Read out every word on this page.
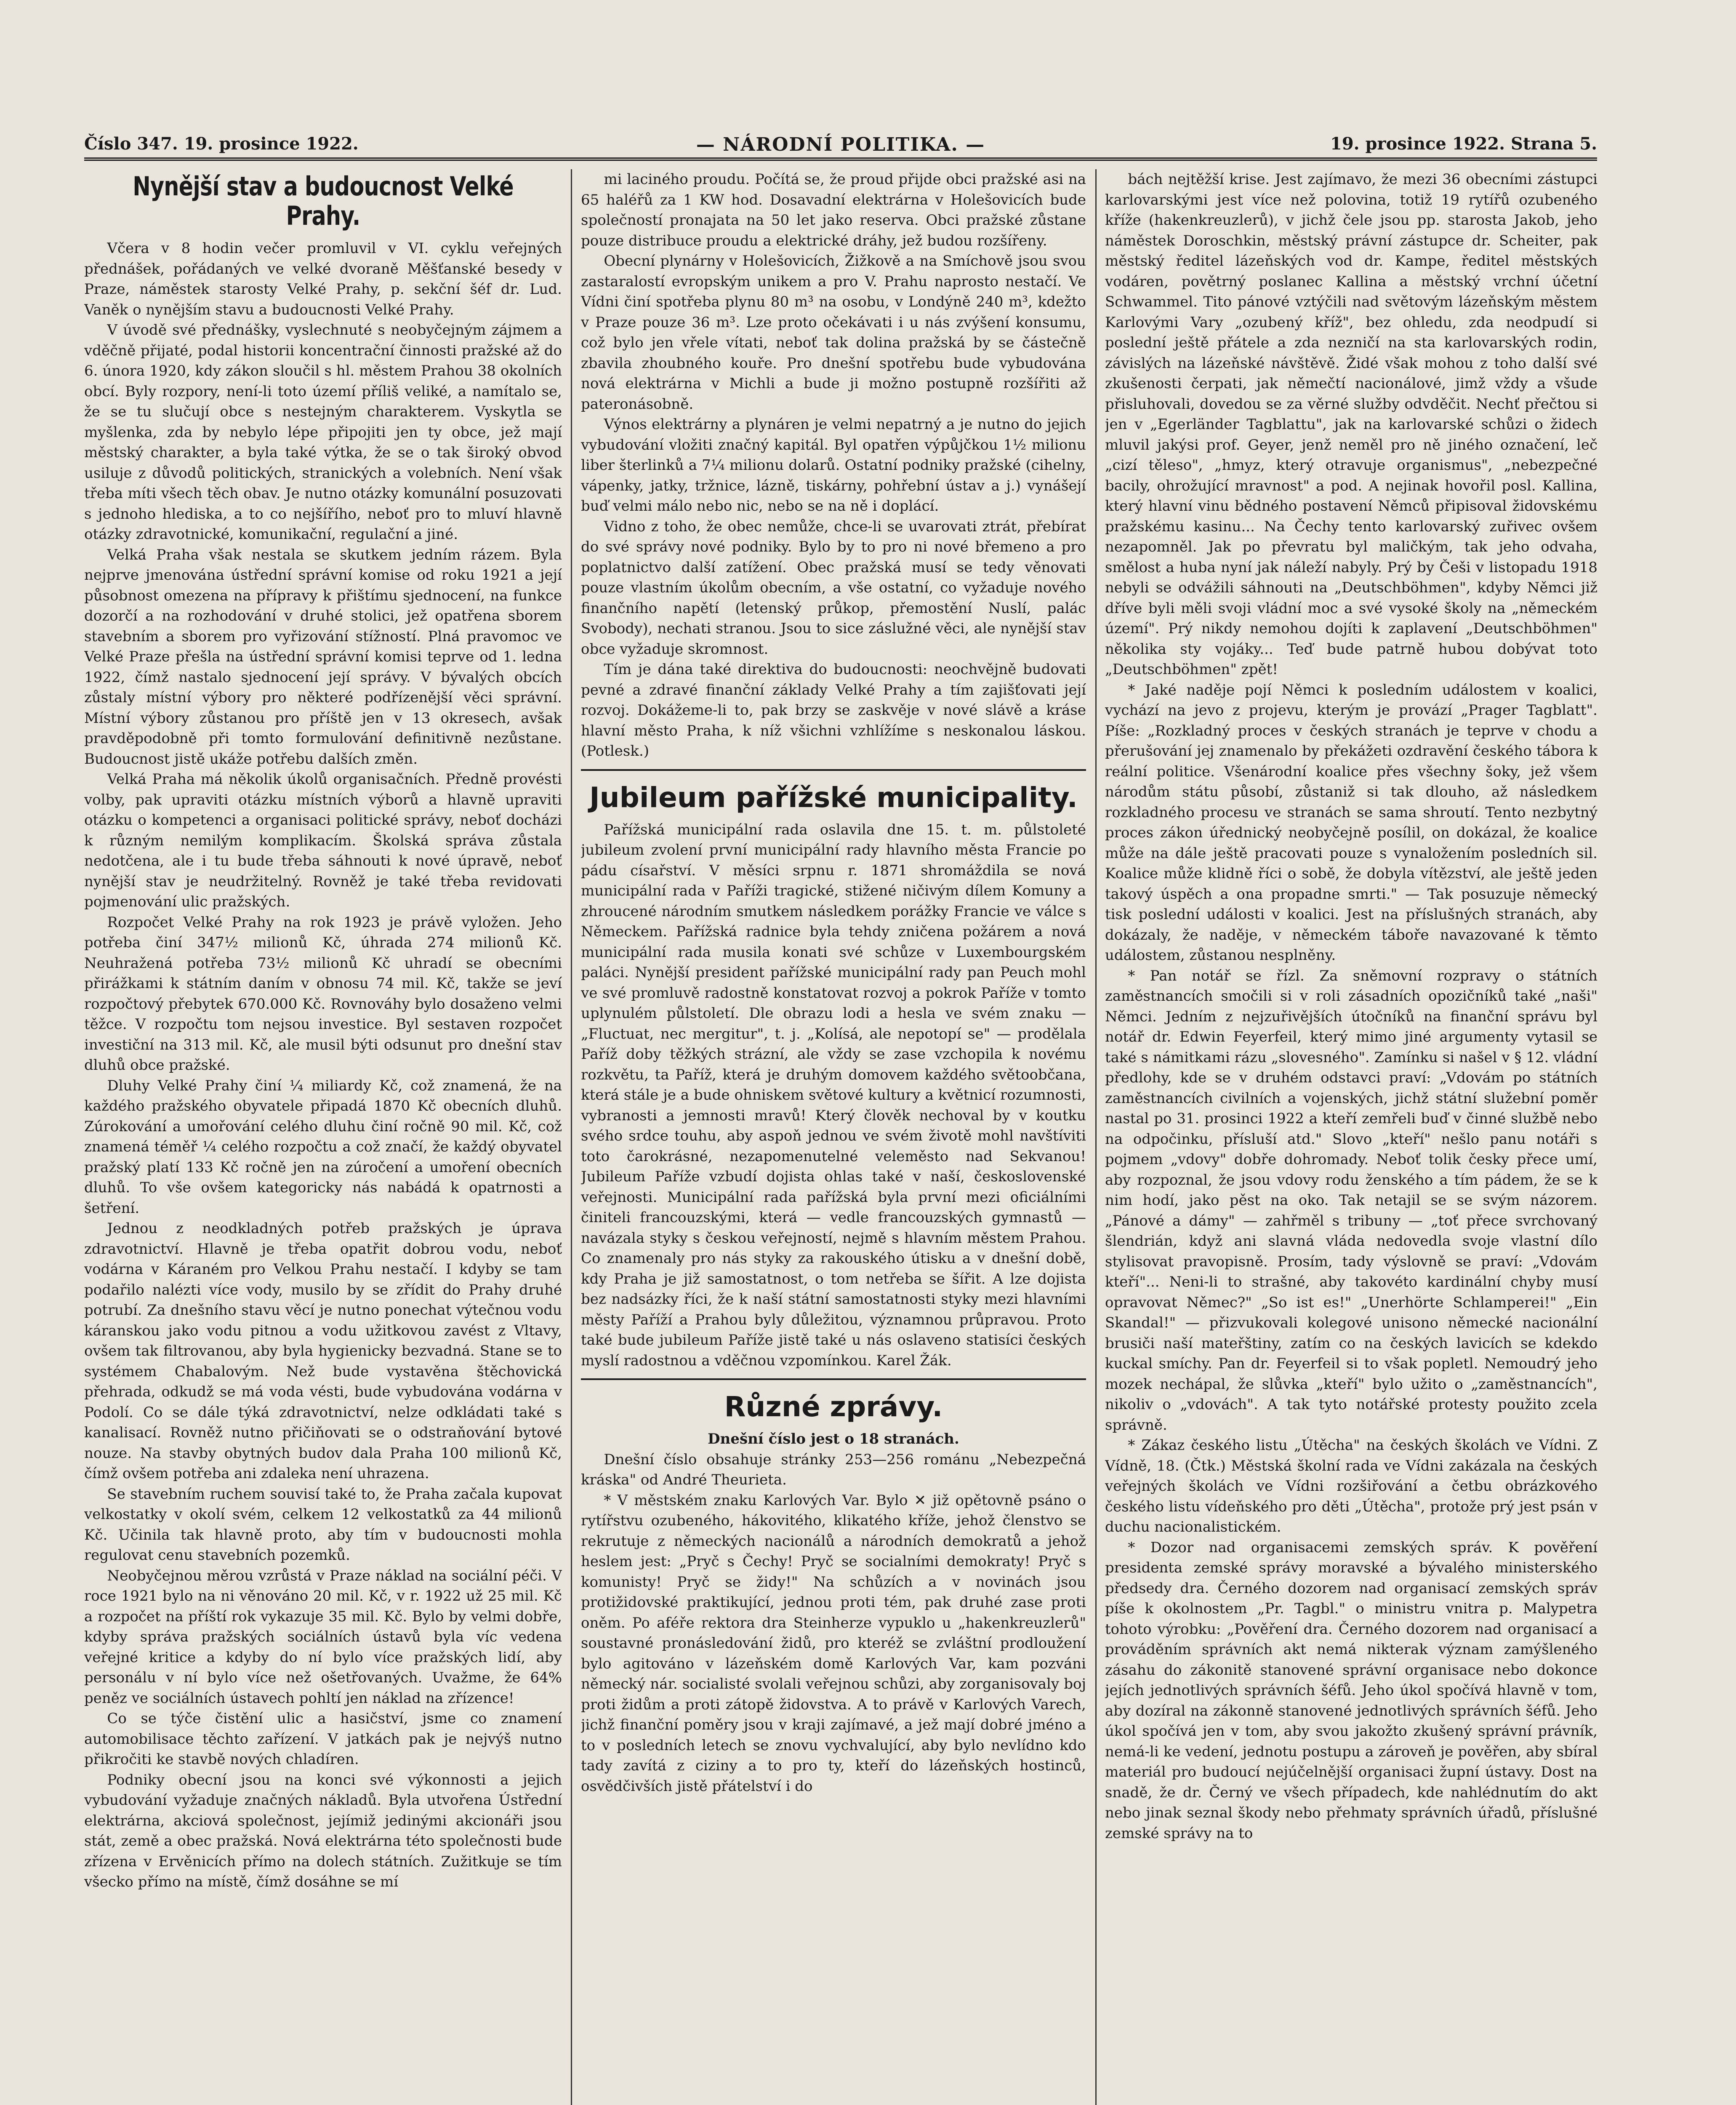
Číslo 347. 19. prosince 1922.	— NÁRODNÍ POLITIKA. —	19. prosince 1922. Strana 5.
Nynější stav a budoucnost Velké Prahy.

Včera v 8 hodin večer promluvil v VI. cyklu veřejných přednášek, pořádaných ve velké dvoraně Měšťanské besedy v Praze, náměstek starosty Velké Prahy, p. sekční šéf dr. Lud. Vaněk o nynějším stavu a budoucnosti Velké Prahy.

V úvodě své přednášky, vyslechnuté s neobyčejným zájmem a vděčně přijaté, podal historii koncentrační činnosti pražské až do 6. února 1920, kdy zákon sloučil s hl. městem Prahou 38 okolních obcí. Byly rozpory, není-li toto území příliš veliké, a namítalo se, že se tu slučují obce s nestejným charakterem. Vyskytla se myšlenka, zda by nebylo lépe připojiti jen ty obce, jež mají městský charakter, a byla také výtka, že se o tak široký obvod usiluje z důvodů politických, stranických a volebních. Není však třeba míti všech těch obav. Je nutno otázky komunální posuzovati s jednoho hlediska, a to co nejšířího, neboť pro to mluví hlavně otázky zdravotnické, komunikační, regulační a jiné.

Velká Praha však nestala se skutkem jedním rázem. Byla nejprve jmenována ústřední správní komise od roku 1921 a její působnost omezena na přípravy k přištímu sjednocení, na funkce dozorčí a na rozhodování v druhé stolici, jež opatřena sborem stavebním a sborem pro vyřizování stížností. Plná pravomoc ve Velké Praze přešla na ústřední správní komisi teprve od 1. ledna 1922, čímž nastalo sjednocení její správy. V bývalých obcích zůstaly místní výbory pro některé podřízenější věci správní. Místní výbory zůstanou pro příště jen v 13 okresech, avšak pravděpodobně při tomto formulování definitivně nezůstane. Budoucnost jistě ukáže potřebu dalších změn.

Velká Praha má několik úkolů organisačních. Předně provésti volby, pak upraviti otázku místních výborů a hlavně upraviti otázku o kompetenci a organisaci politické správy, neboť docházi k různým nemilým komplikacím. Školská správa zůstala nedotčena, ale i tu bude třeba sáhnouti k nové úpravě, neboť nynější stav je neudržitelný. Rovněž je také třeba revidovati pojmenování ulic pražských.

Rozpočet Velké Prahy na rok 1923 je právě vyložen. Jeho potřeba činí 347½ milionů Kč, úhrada 274 milionů Kč. Neuhražená potřeba 73½ milionů Kč uhradí se obecními přirážkami k státním daním v obnosu 74 mil. Kč, takže se jeví rozpočtový přebytek 670.000 Kč. Rovnováhy bylo dosaženo velmi těžce. V rozpočtu tom nejsou investice. Byl sestaven rozpočet investiční na 313 mil. Kč, ale musil býti odsunut pro dnešní stav dluhů obce pražské.

Dluhy Velké Prahy činí ¼ miliardy Kč, což znamená, že na každého pražského obyvatele připadá 1870 Kč obecních dluhů. Zúrokování a umořování celého dluhu činí ročně 90 mil. Kč, což znamená téměř ¼ celého rozpočtu a což značí, že každý obyvatel pražský platí 133 Kč ročně jen na zúročení a umoření obecních dluhů. To vše ovšem kategoricky nás nabádá k opatrnosti a šetření.

Jednou z neodkladných potřeb pražských je úprava zdravotnictví. Hlavně je třeba opatřit dobrou vodu, neboť vodárna v Káraném pro Velkou Prahu nestačí. I kdyby se tam podařilo nalézti více vody, musilo by se zřídit do Prahy druhé potrubí. Za dnešního stavu věcí je nutno ponechat výtečnou vodu káranskou jako vodu pitnou a vodu užitkovou zavést z Vltavy, ovšem tak filtrovanou, aby byla hygienicky bezvadná. Stane se to systémem Chabalovým. Než bude vystavěna štěchovická přehrada, odkudž se má voda vésti, bude vybudována vodárna v Podolí. Co se dále týká zdravotnictví, nelze odkládati také s kanalisací. Rovněž nutno přičiňovati se o odstraňování bytové nouze. Na stavby obytných budov dala Praha 100 milionů Kč, čímž ovšem potřeba ani zdaleka není uhrazena.

Se stavebním ruchem souvisí také to, že Praha začala kupovat velkostatky v okolí svém, celkem 12 velkostatků za 44 milionů Kč. Učinila tak hlavně proto, aby tím v budoucnosti mohla regulovat cenu stavebních pozemků.

Neobyčejnou měrou vzrůstá v Praze náklad na sociální péči. V roce 1921 bylo na ni věnováno 20 mil. Kč, v r. 1922 už 25 mil. Kč a rozpočet na příští rok vykazuje 35 mil. Kč. Bylo by velmi dobře, kdyby správa pražských sociálních ústavů byla víc vedena veřejné kritice a kdyby do ní bylo více pražských lidí, aby personálu v ní bylo více než ošetřovaných. Uvažme, že 64% peněz ve sociálních ústavech pohltí jen náklad na zřízence!

Co se týče čistění ulic a hasičství, jsme co znamení automobilisace těchto zařízení. V jatkách pak je nejvýš nutno přikročiti ke stavbě nových chladíren.

Podniky obecní jsou na konci své výkonnosti a jejich vybudování vyžaduje značných nákladů. Byla utvořena Ústřední elektrárna, akciová společnost, jejímiž jedinými akcionáři jsou stát, země a obec pražská. Nová elektrárna této společnosti bude zřízena v Ervěnicích přímo na dolech státních. Zužitkuje se tím všecko přímo na místě, čímž dosáhne se mí

mi laciného proudu. Počítá se, že proud přijde obci pražské asi na 65 haléřů za 1 KW hod. Dosavadní elektrárna v Holešovicích bude společností pronajata na 50 let jako reserva. Obci pražské zůstane pouze distribuce proudu a elektrické dráhy, jež budou rozšířeny.

Obecní plynárny v Holešovicích, Žižkově a na Smíchově jsou svou zastaralostí evropským unikem a pro V. Prahu naprosto nestačí. Ve Vídni činí spotřeba plynu 80 m³ na osobu, v Londýně 240 m³, kdežto v Praze pouze 36 m³. Lze proto očekávati i u nás zvýšení konsumu, což bylo jen vřele vítati, neboť tak dolina pražská by se částečně zbavila zhoubného kouře. Pro dnešní spotřebu bude vybudována nová elektrárna v Michli a bude ji možno postupně rozšířiti až pateronásobně.

Výnos elektrárny a plynáren je velmi nepatrný a je nutno do jejich vybudování vložiti značný kapitál. Byl opatřen výpůjčkou 1½ milionu liber šterlinků a 7¼ milionu dolarů. Ostatní podniky pražské (cihelny, vápenky, jatky, tržnice, lázně, tiskárny, pohřební ústav a j.) vynášejí buď velmi málo nebo nic, nebo se na ně i doplácí.

Vidno z toho, že obec nemůže, chce-li se uvarovati ztrát, přebírat do své správy nové podniky. Bylo by to pro ni nové břemeno a pro poplatnictvo další zatížení. Obec pražská musí se tedy věnovati pouze vlastním úkolům obecním, a vše ostatní, co vyžaduje nového finančního napětí (letenský průkop, přemostění Nuslí, palác Svobody), nechati stranou. Jsou to sice záslužné věci, ale nynější stav obce vyžaduje skromnost.

Tím je dána také direktiva do budoucnosti: neochvějně budovati pevné a zdravé finanční základy Velké Prahy a tím zajišťovati její rozvoj. Dokážeme-li to, pak brzy se zaskvěje v nové slávě a kráse hlavní město Praha, k níž všichni vzhlížíme s neskonalou láskou. (Potlesk.)

Jubileum pařížské municipality.

Pařížská municipální rada oslavila dne 15. t. m. půlstoleté jubileum zvolení první municipální rady hlavního města Francie po pádu císařství. V měsíci srpnu r. 1871 shromáždila se nová municipální rada v Paříži tragické, stižené ničivým dílem Komuny a zhroucené národním smutkem následkem porážky Francie ve válce s Německem. Pařížská radnice byla tehdy zničena požárem a nová municipální rada musila konati své schůze v Luxembourgském paláci. Nynější president pařížské municipální rady pan Peuch mohl ve své promluvě radostně konstatovat rozvoj a pokrok Paříže v tomto uplynulém půlstoletí. Dle obrazu lodi a hesla ve svém znaku — „Fluctuat, nec mergitur", t. j. „Kolísá, ale nepotopí se" — prodělala Paříž doby těžkých strázní, ale vždy se zase vzchopila k novému rozkvětu, ta Paříž, která je druhým domovem každého světoobčana, která stále je a bude ohniskem světové kultury a květnicí rozumnosti, vybranosti a jemnosti mravů! Který člověk nechoval by v koutku svého srdce touhu, aby aspoň jednou ve svém životě mohl navštíviti toto čarokrásné, nezapomenutelné veleměsto nad Sekvanou! Jubileum Paříže vzbudí dojista ohlas také v naší, československé veřejnosti. Municipální rada pařížská byla první mezi oficiálními činiteli francouzskými, která — vedle francouzských gymnastů — navázala styky s českou veřejností, nejmě s hlavním městem Prahou. Co znamenaly pro nás styky za rakouského útisku a v dnešní době, kdy Praha je již samostatnost, o tom netřeba se šířit. A lze dojista bez nadsázky říci, že k naší státní samostatnosti styky mezi hlavními městy Paříží a Prahou byly důležitou, významnou průpravou. Proto také bude jubileum Paříže jistě také u nás oslaveno statisíci českých myslí radostnou a vděčnou vzpomínkou. Karel Žák.

Různé zprávy.

Dnešní číslo jest o 18 stranách.

Dnešní číslo obsahuje stránky 253—256 románu „Nebezpečná kráska" od André Theurieta.

* V městském znaku Karlových Var. Bylo ✕ již opětovně psáno o rytířstvu ozubeného, hákovitého, klikatého kříže, jehož členstvo se rekrutuje z německých nacionálů a národních demokratů a jehož heslem jest: „Pryč s Čechy! Pryč se socialními demokraty! Pryč s komunisty! Pryč se židy!" Na schůzích a v novinách jsou protižidovské praktikující, jednou proti tém, pak druhé zase proti oněm. Po aféře rektora dra Steinherze vypuklo u „hakenkreuzlerů" soustavné pronásledování židů, pro kteréž se zvláštní prodloužení bylo agitováno v lázeňském domě Karlových Var, kam pozváni německý nár. socialisté svolali veřejnou schůzi, aby zorganisovaly boj proti židům a proti zátopě židovstva. A to právě v Karlových Varech, jichž finanční poměry jsou v kraji zajímavé, a jež mají dobré jméno a to v posledních letech se znovu vychvalující, aby bylo nevlídno kdo tady zavítá z ciziny a to pro ty, kteří do lázeňských hostinců, osvědčivších jistě přátelství i do

bách nejtěžší krise. Jest zajímavo, že mezi 36 obecními zástupci karlovarskými jest více než polovina, totiž 19 rytířů ozubeného kříže (hakenkreuzlerů), v jichž čele jsou pp. starosta Jakob, jeho náměstek Doroschkin, městský právní zástupce dr. Scheiter, pak městský ředitel lázeňských vod dr. Kampe, ředitel městských vodáren, povětrný poslanec Kallina a městský vrchní účetní Schwammel. Tito pánové vztýčili nad světovým lázeňským městem Karlovými Vary „ozubený kříž", bez ohledu, zda neodpudí si poslední ještě přátele a zda nezničí na sta karlovarských rodin, závislých na lázeňské návštěvě. Židé však mohou z toho další své zkušenosti čerpati, jak němečtí nacionálové, jimž vždy a všude přisluhovali, dovedou se za věrné služby odvděčit. Nechť přečtou si jen v „Egerländer Tagblattu", jak na karlovarské schůzi o židech mluvil jakýsi prof. Geyer, jenž neměl pro ně jiného označení, leč „cizí těleso", „hmyz, který otravuje organismus", „nebezpečné bacily, ohrožující mravnost" a pod. A nejinak hovořil posl. Kallina, který hlavní vinu bědného postavení Němců připisoval židovskému pražskému kasinu... Na Čechy tento karlovarský zuřivec ovšem nezapomněl. Jak po převratu byl maličkým, tak jeho odvaha, smělost a huba nyní jak náleží nabyly. Prý by Češi v listopadu 1918 nebyli se odvážili sáhnouti na „Deutschböhmen", kdyby Němci již dříve byli měli svoji vládní moc a své vysoké školy na „německém území". Prý nikdy nemohou dojíti k zaplavení „Deutschböhmen" několika sty vojáky... Teď bude patrně hubou dobývat toto „Deutschböhmen" zpět!

* Jaké naděje pojí Němci k posledním událostem v koalici, vychází na jevo z projevu, kterým je provází „Prager Tagblatt". Píše: „Rozkladný proces v českých stranách je teprve v chodu a přerušování jej znamenalo by překážeti ozdravění českého tábora k reální politice. Všenárodní koalice přes všechny šoky, jež všem národům státu působí, zůstaniž si tak dlouho, až následkem rozkladného procesu ve stranách se sama shroutí. Tento nezbytný proces zákon úřednický neobyčejně posílil, on dokázal, že koalice může na dále ještě pracovati pouze s vynaložením posledních sil. Koalice může klidně říci o sobě, že dobyla vítězství, ale ještě jeden takový úspěch a ona propadne smrti." — Tak posuzuje německý tisk poslední události v koalici. Jest na příslušných stranách, aby dokázaly, že naděje, v německém táboře navazované k těmto událostem, zůstanou nesplněny.

* Pan notář se řízl. Za sněmovní rozpravy o státních zaměstnancích smočili si v roli zásadních opozičníků také „naši" Němci. Jedním z nejzuřivějších útočníků na finanční správu byl notář dr. Edwin Feyerfeil, který mimo jiné argumenty vytasil se také s námitkami rázu „slovesného". Zamínku si našel v § 12. vládní předlohy, kde se v druhém odstavci praví: „Vdovám po státních zaměstnancích civilních a vojenských, jichž státní služební poměr nastal po 31. prosinci 1922 a kteří zemřeli buď v činné službě nebo na odpočinku, přísluší atd." Slovo „kteří" nešlo panu notáři s pojmem „vdovy" dobře dohromady. Neboť tolik česky přece umí, aby rozpoznal, že jsou vdovy rodu ženského a tím pádem, že se k nim hodí, jako pěst na oko. Tak netajil se se svým názorem. „Pánové a dámy" — zahřměl s tribuny — „toť přece svrchovaný šlendrián, když ani slavná vláda nedovedla svoje vlastní dílo stylisovat pravopisně. Prosím, tady výslovně se praví: „Vdovám kteří"... Neni-li to strašné, aby takovéto kardinální chyby musí opravovat Němec?" „So ist es!" „Unerhörte Schlamperei!" „Ein Skandal!" — přizvukovali kolegové unisono německé nacionální brusiči naší mateřštiny, zatím co na českých lavicích se kdekdo kuckal smíchy. Pan dr. Feyerfeil si to však popletl. Nemoudrý jeho mozek nechápal, že slůvka „kteří" bylo užito o „zaměstnancích", nikoliv o „vdovách". A tak tyto notářské protesty použito zcela správně.

* Zákaz českého listu „Útěcha" na českých školách ve Vídni. Z Vídně, 18. (Čtk.) Městská školní rada ve Vídni zakázala na českých veřejných školách ve Vídni rozšiřování a četbu obrázkového českého listu vídeňského pro děti „Útěcha", protože prý jest psán v duchu nacionalistickém.

* Dozor nad organisacemi zemských správ. K pověření presidenta zemské správy moravské a bývalého ministerského předsedy dra. Černého dozorem nad organisací zemských správ píše k okolnostem „Pr. Tagbl." o ministru vnitra p. Malypetra tohoto výrobku: „Pověření dra. Černého dozorem nad organisací a prováděním správních akt nemá nikterak význam zamýšleného zásahu do zákonitě stanovené správní organisace nebo dokonce jejích jednotlivých správních šéfů. Jeho úkol spočívá hlavně v tom, aby dozíral na zákonně stanovené jednotlivých správních šéfů. Jeho úkol spočívá jen v tom, aby svou jakožto zkušený správní právník, nemá-li ke vedení, jednotu postupu a zároveň je pověřen, aby sbíral materiál pro budoucí nejúčelnější organisaci župní ústavy. Dost na snadě, že dr. Černý ve všech případech, kde nahlédnutím do akt nebo jinak seznal škody nebo přehmaty správních úřadů, příslušné zemské správy na to
